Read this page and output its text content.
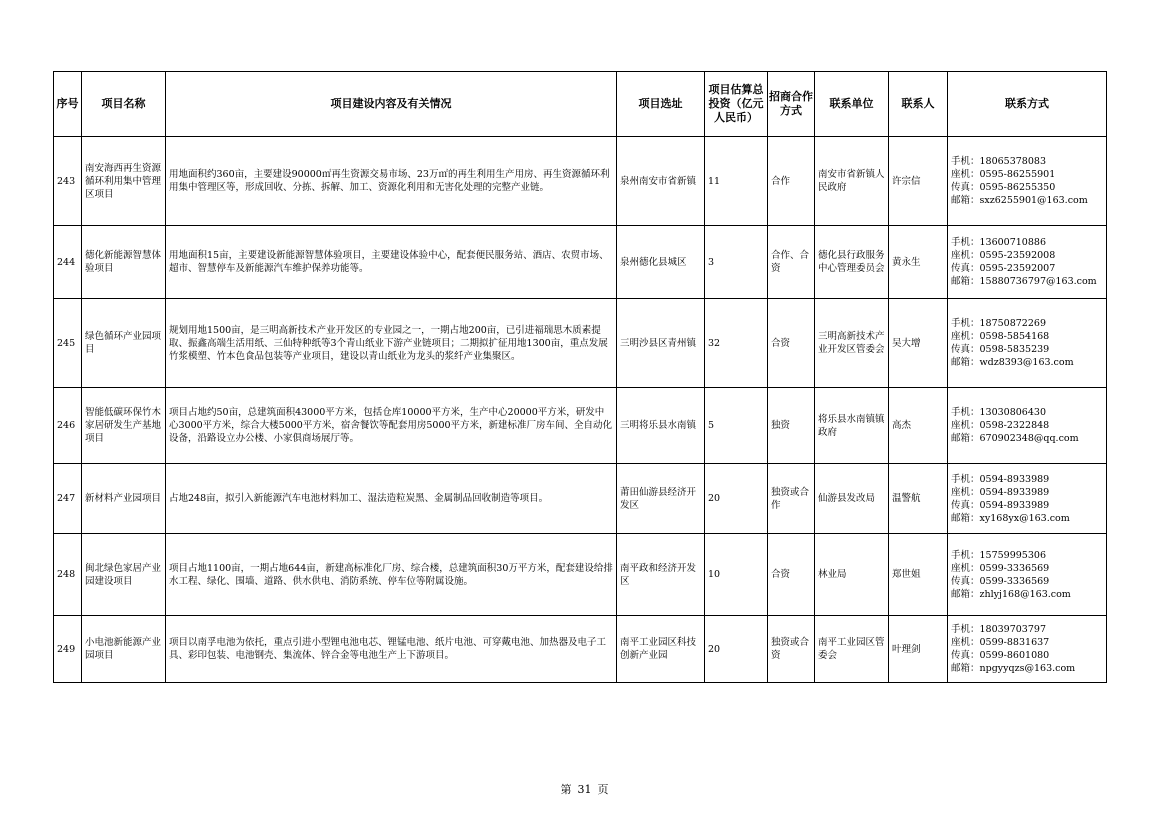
序号	项目名称	项目建设内容及有关情况	项目选址	项目估算总投资（亿元人民币）	招商合作方式	联系单位	联系人	联系方式
243	南安海西再生资源循环利用集中管理区项目	用地面积约360亩，主要建设90000㎡再生资源交易市场、23万㎡的再生利用生产用房、再生资源循环利用集中管理区等，形成回收、分拣、拆解、加工、资源化利用和无害化处理的完整产业链。	泉州南安市省新镇	11	合作	南安市省新镇人民政府	许宗信	手机：18065378083
座机：0595-86255901
传真：0595-86255350
邮箱：sxz6255901@163.com

244	德化新能源智慧体验项目	用地面积15亩，主要建设新能源智慧体验项目，主要建设体验中心，配套便民服务站、酒店、农贸市场、超市、智慧停车及新能源汽车维护保养功能等。	泉州德化县城区	3	合作、合资	德化县行政服务中心管理委员会	黄永生	手机：13600710886
座机：0595-23592008
传真：0595-23592007
邮箱：15880736797@163.com

245	绿色循环产业园项目	规划用地1500亩，是三明高新技术产业开发区的专业园之一，一期占地200亩，已引进福瑞思木质素提取、振鑫高端生活用纸、三仙特种纸等3个青山纸业下游产业链项目；二期拟扩征用地1300亩，重点发展竹浆模塑、竹本色食品包装等产业项目，建设以青山纸业为龙头的浆纤产业集聚区。	三明沙县区青州镇	32	合资	三明高新技术产业开发区管委会	吴大增	手机：18750872269
座机：0598-5854168
传真：0598-5835239
邮箱：wdz8393@163.com

246	智能低碳环保竹木家居研发生产基地项目	项目占地约50亩，总建筑面积43000平方米，包括仓库10000平方米，生产中心20000平方米，研发中心3000平方米，综合大楼5000平方米，宿舍餐饮等配套用房5000平方米，新建标准厂房车间、全自动化设备，沿路设立办公楼、小家俱商场展厅等。	三明将乐县水南镇	5	独资	将乐县水南镇镇政府	高杰	手机：13030806430
座机：0598-2322848
邮箱：670902348@qq.com

247	新材料产业园项目	占地248亩，拟引入新能源汽车电池材料加工、湿法造粒炭黑、金属制品回收制造等项目。	莆田仙游县经济开发区	20	独资或合作	仙游县发改局	温警航	手机：0594-8933989
座机：0594-8933989
传真：0594-8933989
邮箱：xy168yx@163.com

248	闽北绿色家居产业园建设项目	项目占地1100亩，一期占地644亩，新建高标准化厂房、综合楼，总建筑面积30万平方米，配套建设给排水工程、绿化、围墙、道路、供水供电、消防系统、停车位等附属设施。	南平政和经济开发区	10	合资	林业局	郑世姐	手机：15759995306
座机：0599-3336569
传真：0599-3336569
邮箱：zhlyj168@163.com

249	小电池新能源产业园项目	项目以南孚电池为依托，重点引进小型锂电池电芯、锂锰电池、纸片电池、可穿戴电池、加热器及电子工具、彩印包装、电池钢壳、集流体、锌合金等电池生产上下游项目。	南平工业园区科技创新产业园	20	独资或合资	南平工业园区管委会	叶理剑	手机：18039703797
座机：0599-8831637
传真：0599-8601080
邮箱：npgyyqzs@163.com
第 31 页
